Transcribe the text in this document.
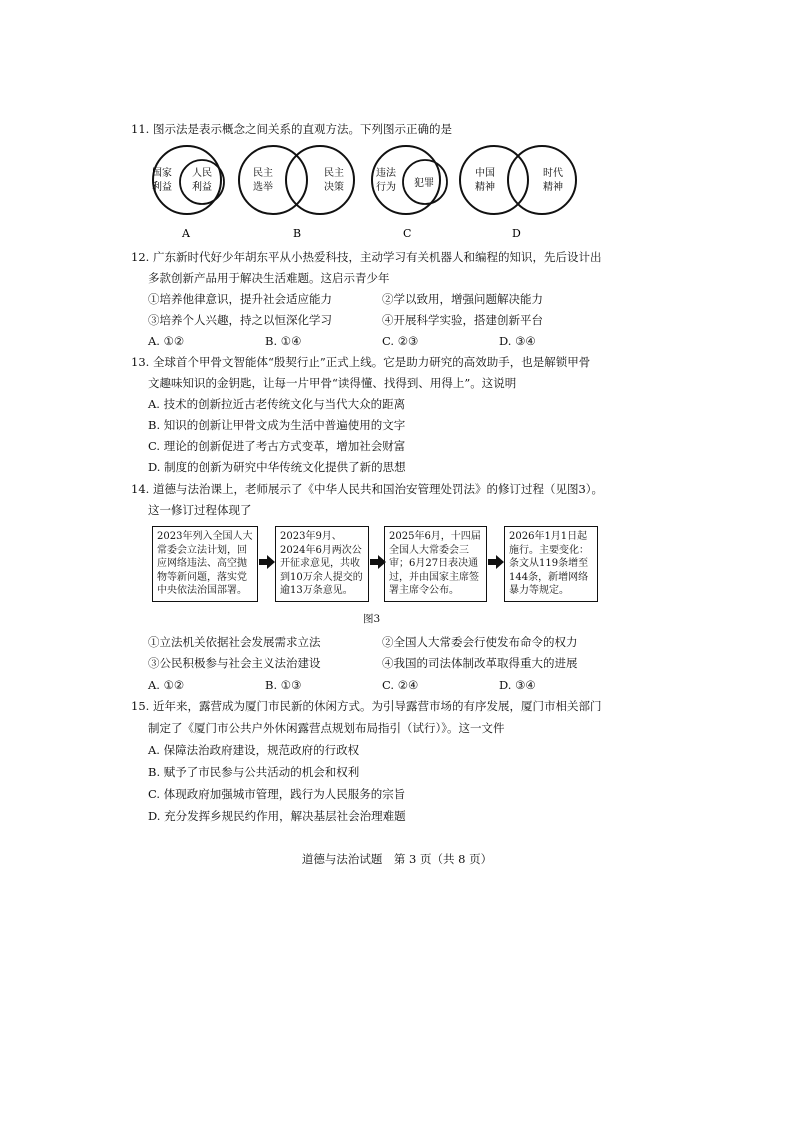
11. 图示法是表示概念之间关系的直观方法。下列图示正确的是
国家
利益
人民
利益
A
民主
选举
民主
决策
B
违法
行为 犯罪
C
中国
精神
时代
精神
D
12. 广东新时代好少年胡东平从小热爱科技，主动学习有关机器人和编程的知识，先后设计出
多款创新产品用于解决生活难题。这启示青少年
①培养他律意识，提升社会适应能力	②学以致用，增强问题解决能力
③培养个人兴趣，持之以恒深化学习	④开展科学实验，搭建创新平台
A. ①②	B. ①④	C. ②③	D. ③④
13. 全球首个甲骨文智能体“殷契行止”正式上线。它是助力研究的高效助手，也是解锁甲骨
文趣味知识的金钥匙，让每一片甲骨“读得懂、找得到、用得上”。这说明
A. 技术的创新拉近古老传统文化与当代大众的距离
B. 知识的创新让甲骨文成为生活中普遍使用的文字
C. 理论的创新促进了考古方式变革，增加社会财富
D. 制度的创新为研究中华传统文化提供了新的思想
14. 道德与法治课上，老师展示了《中华人民共和国治安管理处罚法》的修订过程（见图3）。
这一修订过程体现了
2023年列入全国人大常委会立法计划，回应网络违法、高空抛物等新问题，落实党中央依法治国部署。
2023年9月、2024年6月两次公开征求意见，共收到10万余人提交的逾13万条意见。
2025年6月，十四届全国人大常委会三审；6月27日表决通过，并由国家主席签署主席令公布。
2026年1月1日起施行。主要变化：条文从119条增至144条，新增网络暴力等规定。
图3
①立法机关依据社会发展需求立法	②全国人大常委会行使发布命令的权力
③公民积极参与社会主义法治建设	④我国的司法体制改革取得重大的进展
A. ①②	B. ①③	C. ②④	D. ③④
15. 近年来，露营成为厦门市民新的休闲方式。为引导露营市场的有序发展，厦门市相关部门
制定了《厦门市公共户外休闲露营点规划布局指引（试行）》。这一文件
A. 保障法治政府建设，规范政府的行政权
B. 赋予了市民参与公共活动的机会和权利
C. 体现政府加强城市管理，践行为人民服务的宗旨
D. 充分发挥乡规民约作用，解决基层社会治理难题
道德与法治试题　第 3 页（共 8 页）
